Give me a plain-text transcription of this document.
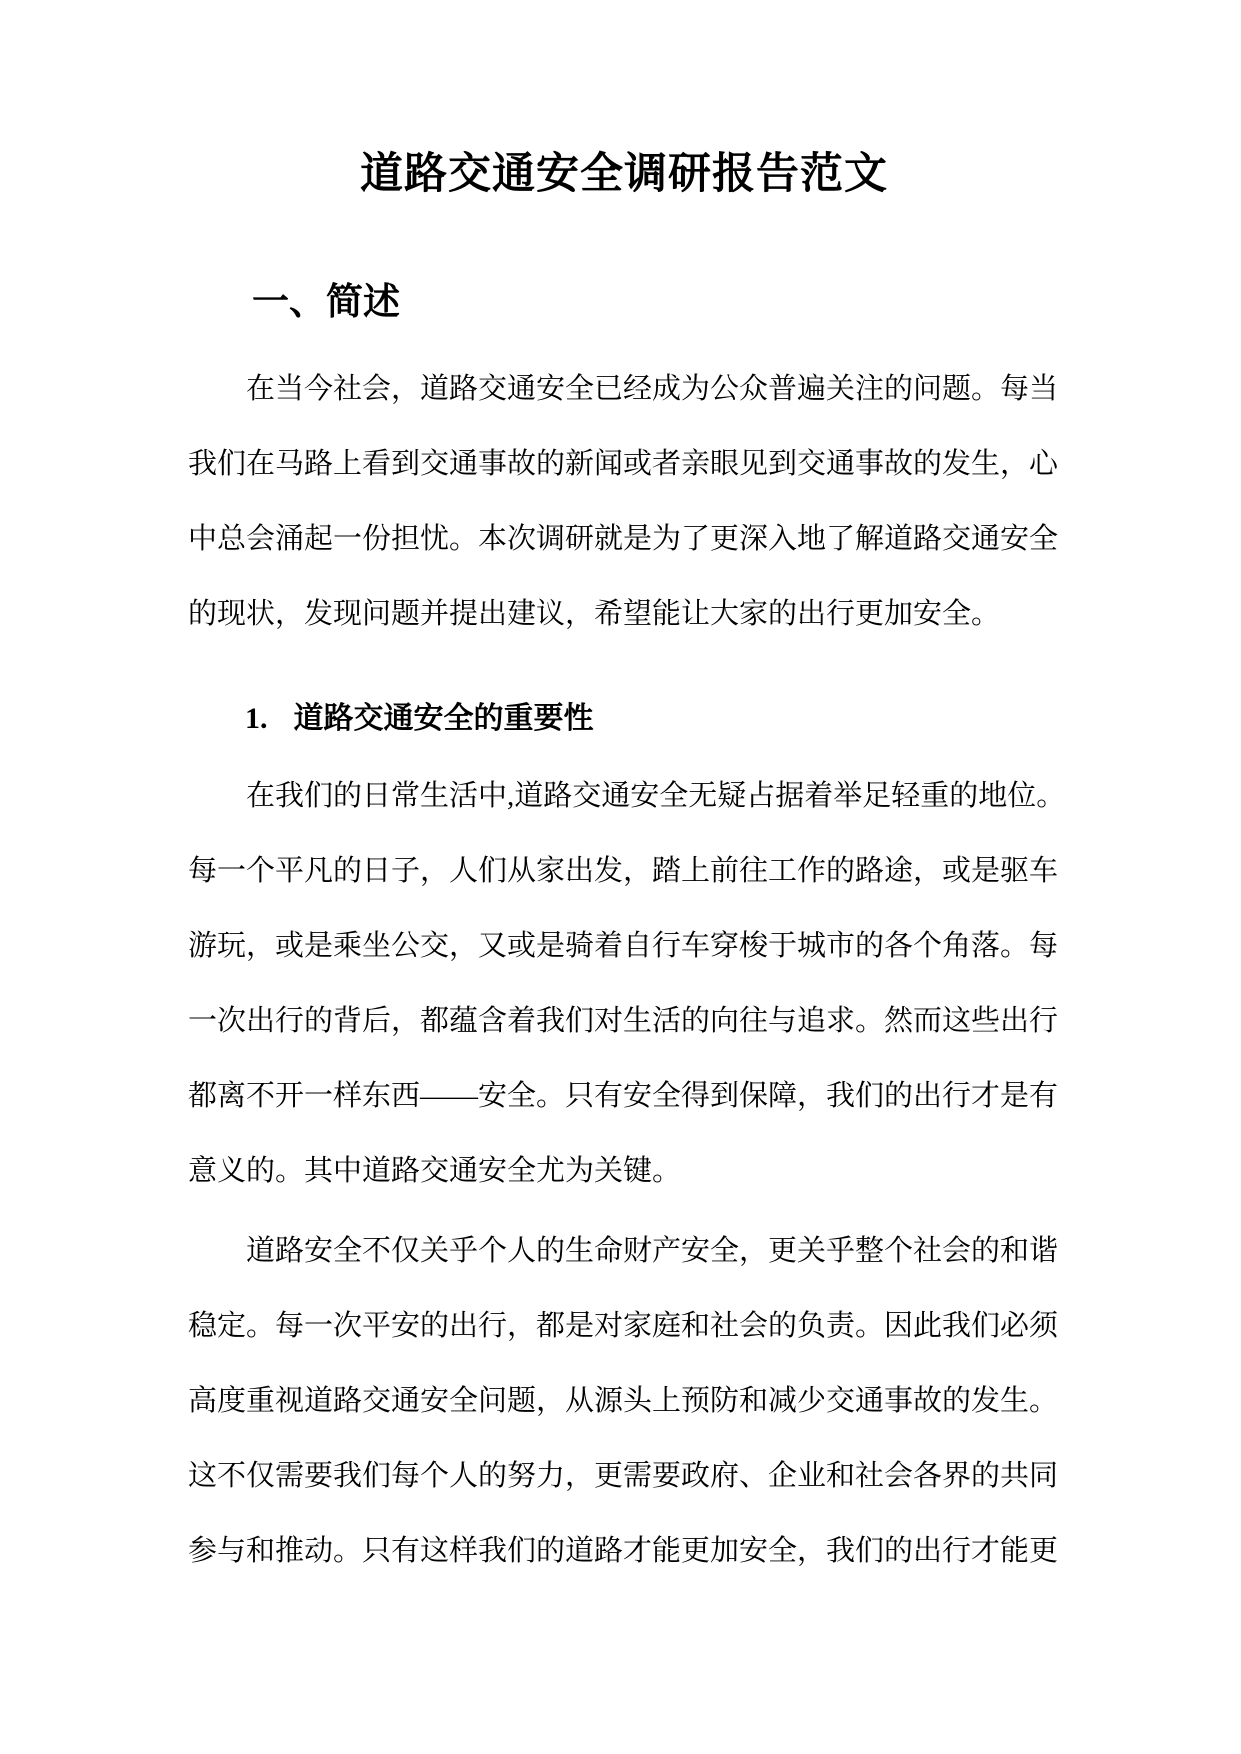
道路交通安全调研报告范文
一、简述
在当今社会，道路交通安全已经成为公众普遍关注的问题。每当
我们在马路上看到交通事故的新闻或者亲眼见到交通事故的发生，心
中总会涌起一份担忧。本次调研就是为了更深入地了解道路交通安全
的现状，发现问题并提出建议，希望能让大家的出行更加安全。
1. 道路交通安全的重要性
在我们的日常生活中,道路交通安全无疑占据着举足轻重的地位。
每一个平凡的日子，人们从家出发，踏上前往工作的路途，或是驱车
游玩，或是乘坐公交，又或是骑着自行车穿梭于城市的各个角落。每
一次出行的背后，都蕴含着我们对生活的向往与追求。然而这些出行
都离不开一样东西——安全。只有安全得到保障，我们的出行才是有
意义的。其中道路交通安全尤为关键。
道路安全不仅关乎个人的生命财产安全，更关乎整个社会的和谐
稳定。每一次平安的出行，都是对家庭和社会的负责。因此我们必须
高度重视道路交通安全问题，从源头上预防和减少交通事故的发生。
这不仅需要我们每个人的努力，更需要政府、企业和社会各界的共同
参与和推动。只有这样我们的道路才能更加安全，我们的出行才能更
